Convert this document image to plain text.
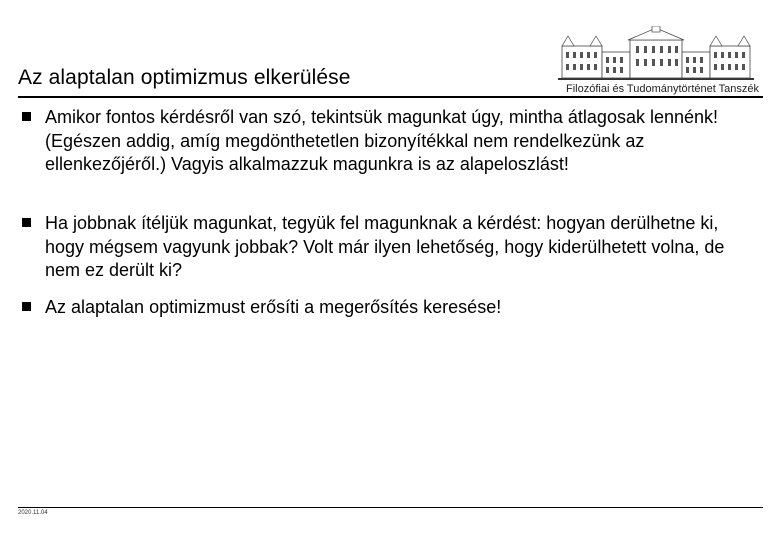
Filozófiai és Tudománytörténet Tanszék
Az alaptalan optimizmus elkerülése
Amikor fontos kérdésről van szó, tekintsük magunkat úgy, mintha átlagosak lennénk! (Egészen addig, amíg megdönthetetlen bizonyítékkal nem rendelkezünk az ellenkezőjéről.) Vagyis alkalmazzuk magunkra is az alapeloszlást!
Ha jobbnak ítéljük magunkat, tegyük fel magunknak a kérdést: hogyan derülhetne ki, hogy mégsem vagyunk jobbak? Volt már ilyen lehetőség, hogy kiderülhetett volna, de nem ez derült ki?
Az alaptalan optimizmust erősíti a megerősítés keresése!
2020.11.04
